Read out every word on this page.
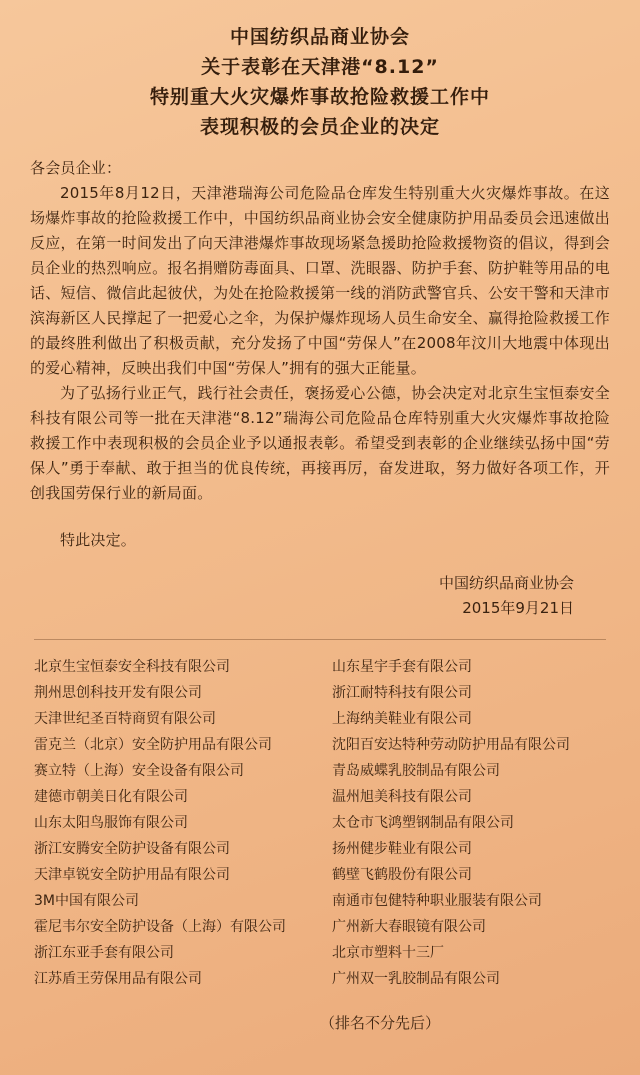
中国纺织品商业协会
关于表彰在天津港“8.12”
特别重大火灾爆炸事故抢险救援工作中
表现积极的会员企业的决定
各会员企业：

2015年8月12日，天津港瑞海公司危险品仓库发生特别重大火灾爆炸事故。在这场爆炸事故的抢险救援工作中，中国纺织品商业协会安全健康防护用品委员会迅速做出反应，在第一时间发出了向天津港爆炸事故现场紧急援助抢险救援物资的倡议，得到会员企业的热烈响应。报名捐赠防毒面具、口罩、洗眼器、防护手套、防护鞋等用品的电话、短信、微信此起彼伏，为处在抢险救援第一线的消防武警官兵、公安干警和天津市滨海新区人民撑起了一把爱心之伞，为保护爆炸现场人员生命安全、赢得抢险救援工作的最终胜利做出了积极贡献，充分发扬了中国“劳保人”在2008年汶川大地震中体现出的爱心精神，反映出我们中国“劳保人”拥有的强大正能量。

为了弘扬行业正气，践行社会责任，褒扬爱心公德，协会决定对北京生宝恒泰安全科技有限公司等一批在天津港“8.12”瑞海公司危险品仓库特别重大火灾爆炸事故抢险救援工作中表现积极的会员企业予以通报表彰。希望受到表彰的企业继续弘扬中国“劳保人”勇于奉献、敢于担当的优良传统，再接再厉，奋发进取，努力做好各项工作，开创我国劳保行业的新局面。

特此决定。
中国纺织品商业协会
2015年9月21日
北京生宝恒泰安全科技有限公司
荆州思创科技开发有限公司
天津世纪圣百特商贸有限公司
雷克兰（北京）安全防护用品有限公司
赛立特（上海）安全设备有限公司
建德市朝美日化有限公司
山东太阳鸟服饰有限公司
浙江安腾安全防护设备有限公司
天津卓锐安全防护用品有限公司
3M中国有限公司
霍尼韦尔安全防护设备（上海）有限公司
浙江东亚手套有限公司
江苏盾王劳保用品有限公司
山东星宇手套有限公司
浙江耐特科技有限公司
上海纳美鞋业有限公司
沈阳百安达特种劳动防护用品有限公司
青岛威蝶乳胶制品有限公司
温州旭美科技有限公司
太仓市飞鸿塑钢制品有限公司
扬州健步鞋业有限公司
鹤壁飞鹤股份有限公司
南通市包健特种职业服装有限公司
广州新大春眼镜有限公司
北京市塑料十三厂
广州双一乳胶制品有限公司
（排名不分先后）
